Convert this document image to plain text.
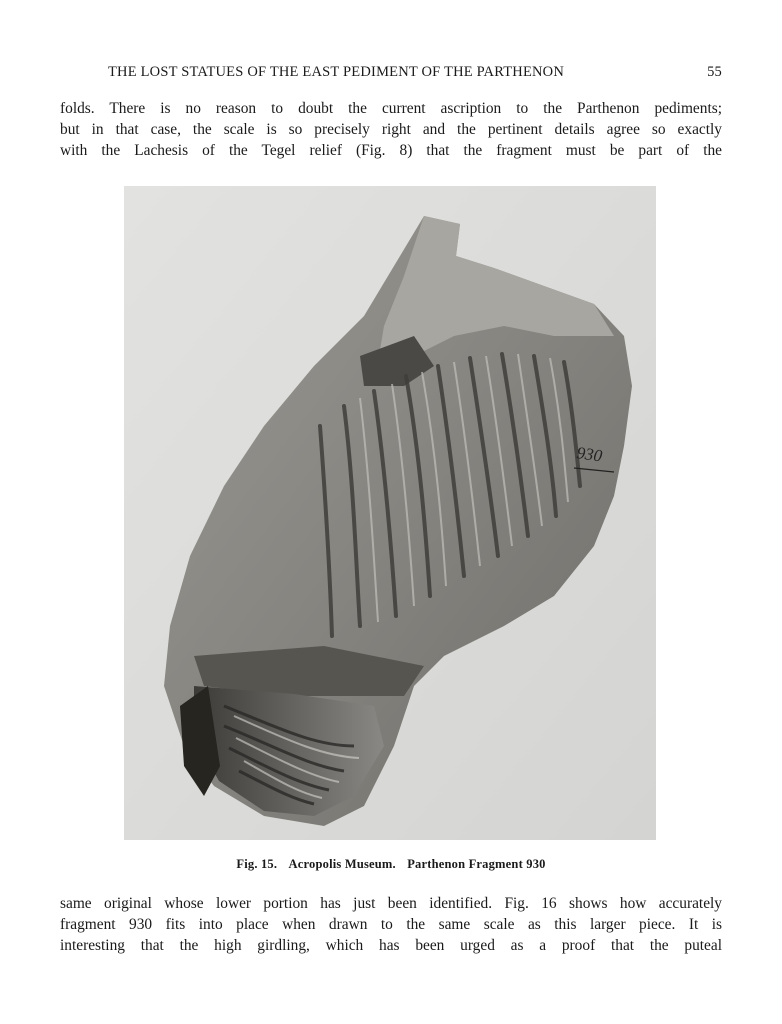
THE LOST STATUES OF THE EAST PEDIMENT OF THE PARTHENON	55
folds. There is no reason to doubt the current ascription to the Parthenon pediments;
but in that case, the scale is so precisely right and the pertinent details agree so exactly
with the Lachesis of the Tegel relief (Fig. 8) that the fragment must be part of the
930
Fig. 15. Acropolis Museum. Parthenon Fragment 930
same original whose lower portion has just been identified. Fig. 16 shows how accurately
fragment 930 fits into place when drawn to the same scale as this larger piece. It is
interesting that the high girdling, which has been urged as a proof that the puteal
